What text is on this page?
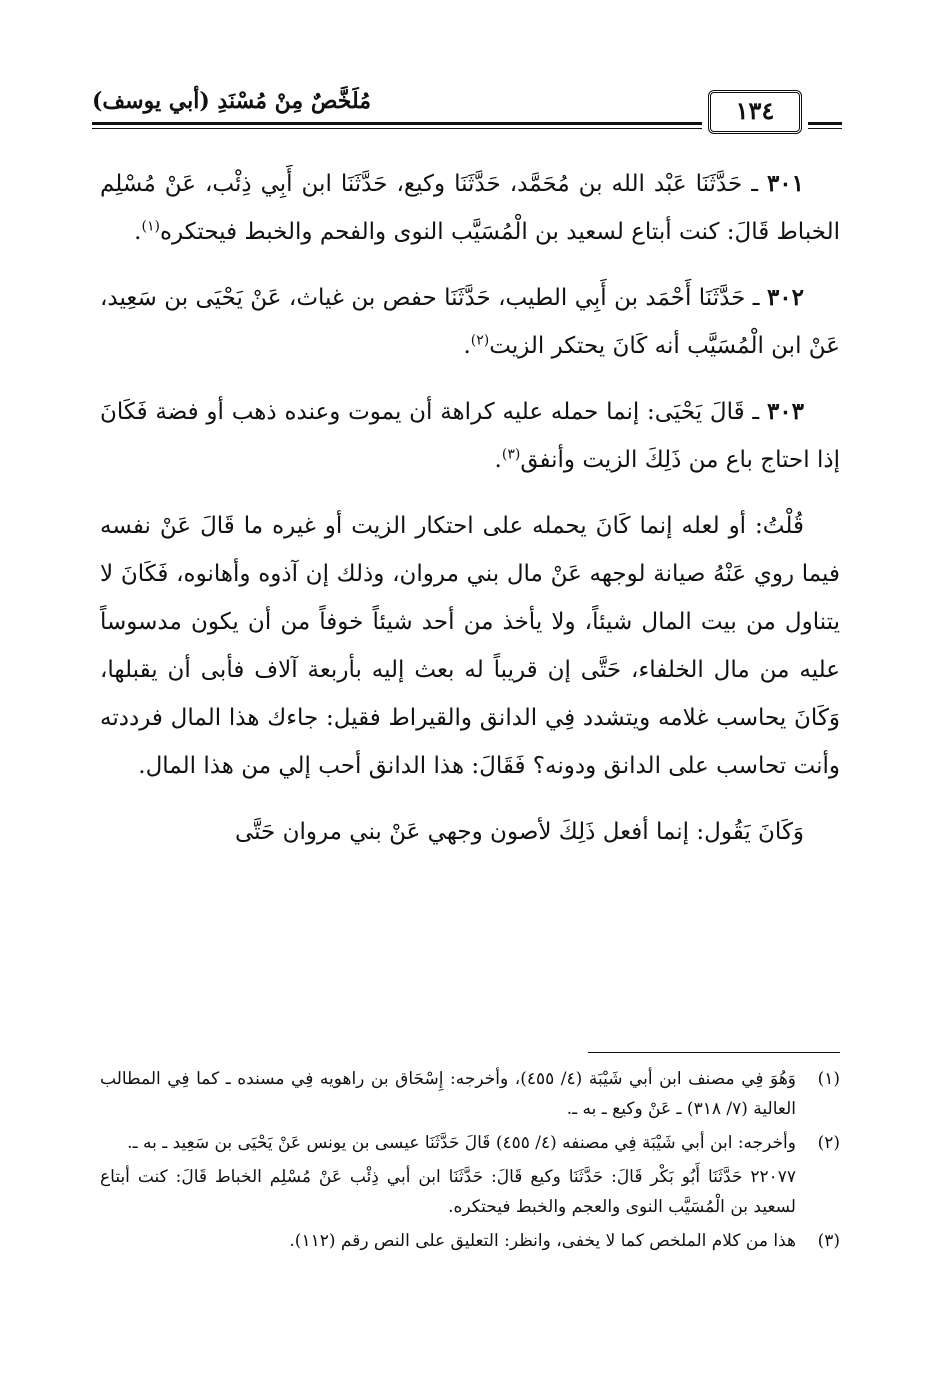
مُلَخَّصٌ مِنْ مُسْنَدِ (أبي يوسف)	١٣٤

٣٠١ ـ حَدَّثَنَا عَبْد الله بن مُحَمَّد، حَدَّثَنَا وكيع، حَدَّثَنَا ابن أَبِي ذِئْب، عَنْ مُسْلِم الخباط قَالَ: كنت أبتاع لسعيد بن الْمُسَيَّب النوى والفحم والخبط فيحتكره$^{(١)}$.

٣٠٢ ـ حَدَّثَنَا أَحْمَد بن أَبِي الطيب، حَدَّثَنَا حفص بن غياث، عَنْ يَحْيَى بن سَعِيد، عَنْ ابن الْمُسَيَّب أنه كَانَ يحتكر الزيت$^{(٢)}$.

٣٠٣ ـ قَالَ يَحْيَى: إنما حمله عليه كراهة أن يموت وعنده ذهب أو فضة فَكَانَ إذا احتاج باع من ذَلِكَ الزيت وأنفق$^{(٣)}$.

قُلْتُ: أو لعله إنما كَانَ يحمله على احتكار الزيت أو غيره ما قَالَ عَنْ نفسه فيما روي عَنْهُ صيانة لوجهه عَنْ مال بني مروان، وذلك إن آذوه وأهانوه، فَكَانَ لا يتناول من بيت المال شيئاً، ولا يأخذ من أحد شيئاً خوفاً من أن يكون مدسوساً عليه من مال الخلفاء، حَتَّى إن قريباً له بعث إليه بأربعة آلاف فأبى أن يقبلها، وَكَانَ يحاسب غلامه ويتشدد فِي الدانق والقيراط فقيل: جاءك هذا المال فرددته وأنت تحاسب على الدانق ودونه؟ فَقَالَ: هذا الدانق أحب إلي من هذا المال.

وَكَانَ يَقُول: إنما أفعل ذَلِكَ لأصون وجهي عَنْ بني مروان حَتَّى

(١)
وَهُوَ فِي مصنف ابن أبي شَيْبَة (٤/ ٤٥٥)، وأخرجه: إِسْحَاق بن راهويه فِي مسنده ـ كما فِي المطالب العالية (٧/ ٣١٨) ـ عَنْ وكيع ـ به ـ.

(٢)
وأخرجه: ابن أبي شَيْبَة فِي مصنفه (٤/ ٤٥٥) قَالَ حَدَّثَنَا عيسى بن يونس عَنْ يَحْيَى بن سَعِيد ـ به ـ.

٢٢٠٧٧ حَدَّثَنَا أَبُو بَكْر قَالَ: حَدَّثَنَا وكيع قَالَ: حَدَّثَنَا ابن أبي ذِئْب عَنْ مُسْلِم الخباط قَالَ: كنت أبتاع لسعيد بن الْمُسَيَّب النوى والعجم والخبط فيحتكره.

(٣)
هذا من كلام الملخص كما لا يخفى، وانظر: التعليق على النص رقم (١١٢).
